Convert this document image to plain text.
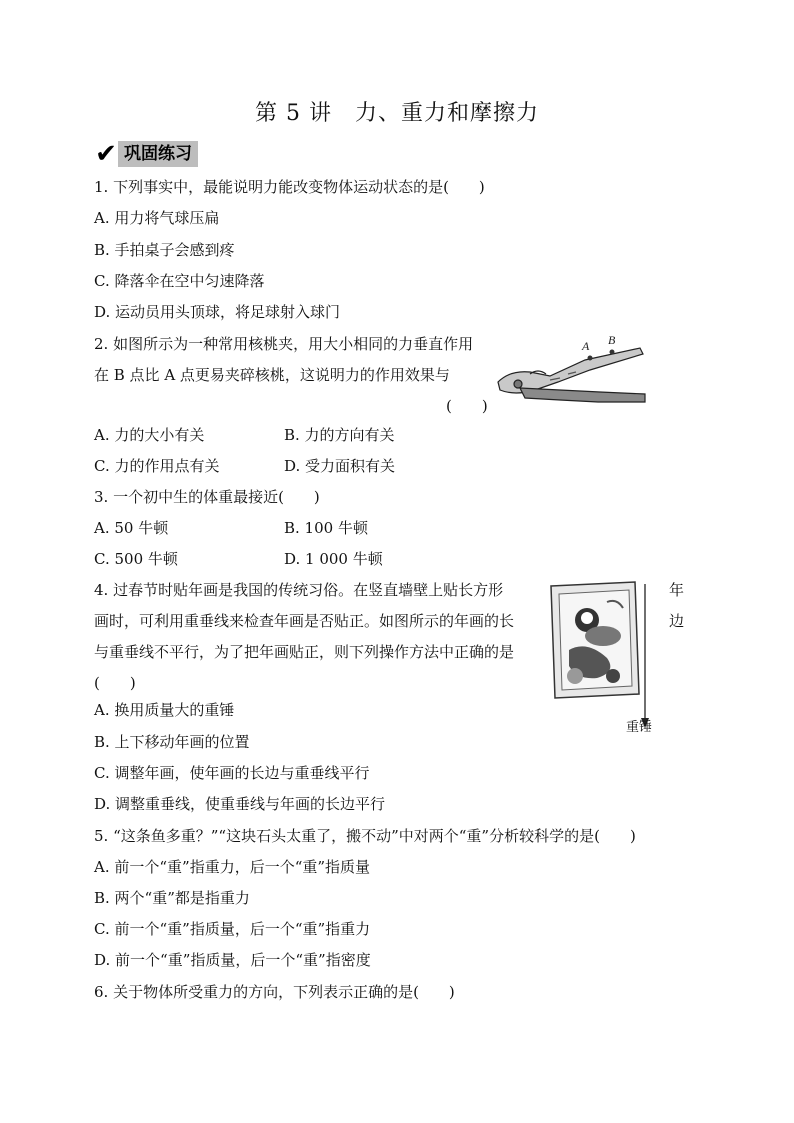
第 5 讲　力、重力和摩擦力
✔ 巩固练习
1. 下列事实中，最能说明力能改变物体运动状态的是(　　)
A. 用力将气球压扁
B. 手拍桌子会感到疼
C. 降落伞在空中匀速降落
D. 运动员用头顶球，将足球射入球门
2. 如图所示为一种常用核桃夹，用大小相同的力垂直作用
在 B 点比 A 点更易夹碎核桃，这说明力的作用效果与
(　　)
A B
A. 力的大小有关	B. 力的方向有关
C. 力的作用点有关	D. 受力面积有关
3. 一个初中生的体重最接近(　　)
A. 50 牛顿	B. 100 牛顿
C. 500 牛顿	D. 1 000 牛顿
4. 过春节时贴年画是我国的传统习俗。在竖直墙壁上贴长方形	年
画时，可利用重垂线来检查年画是否贴正。如图所示的年画的长	边
与重垂线不平行，为了把年画贴正，则下列操作方法中正确的是
(　　)
重锤
A. 换用质量大的重锤
B. 上下移动年画的位置
C. 调整年画，使年画的长边与重垂线平行
D. 调整重垂线，使重垂线与年画的长边平行
5. “这条鱼多重？”“这块石头太重了，搬不动”中对两个“重”分析较科学的是(　　)
A. 前一个“重”指重力，后一个“重”指质量
B. 两个“重”都是指重力
C. 前一个“重”指质量，后一个“重”指重力
D. 前一个“重”指质量，后一个“重”指密度
6. 关于物体所受重力的方向，下列表示正确的是(　　)
